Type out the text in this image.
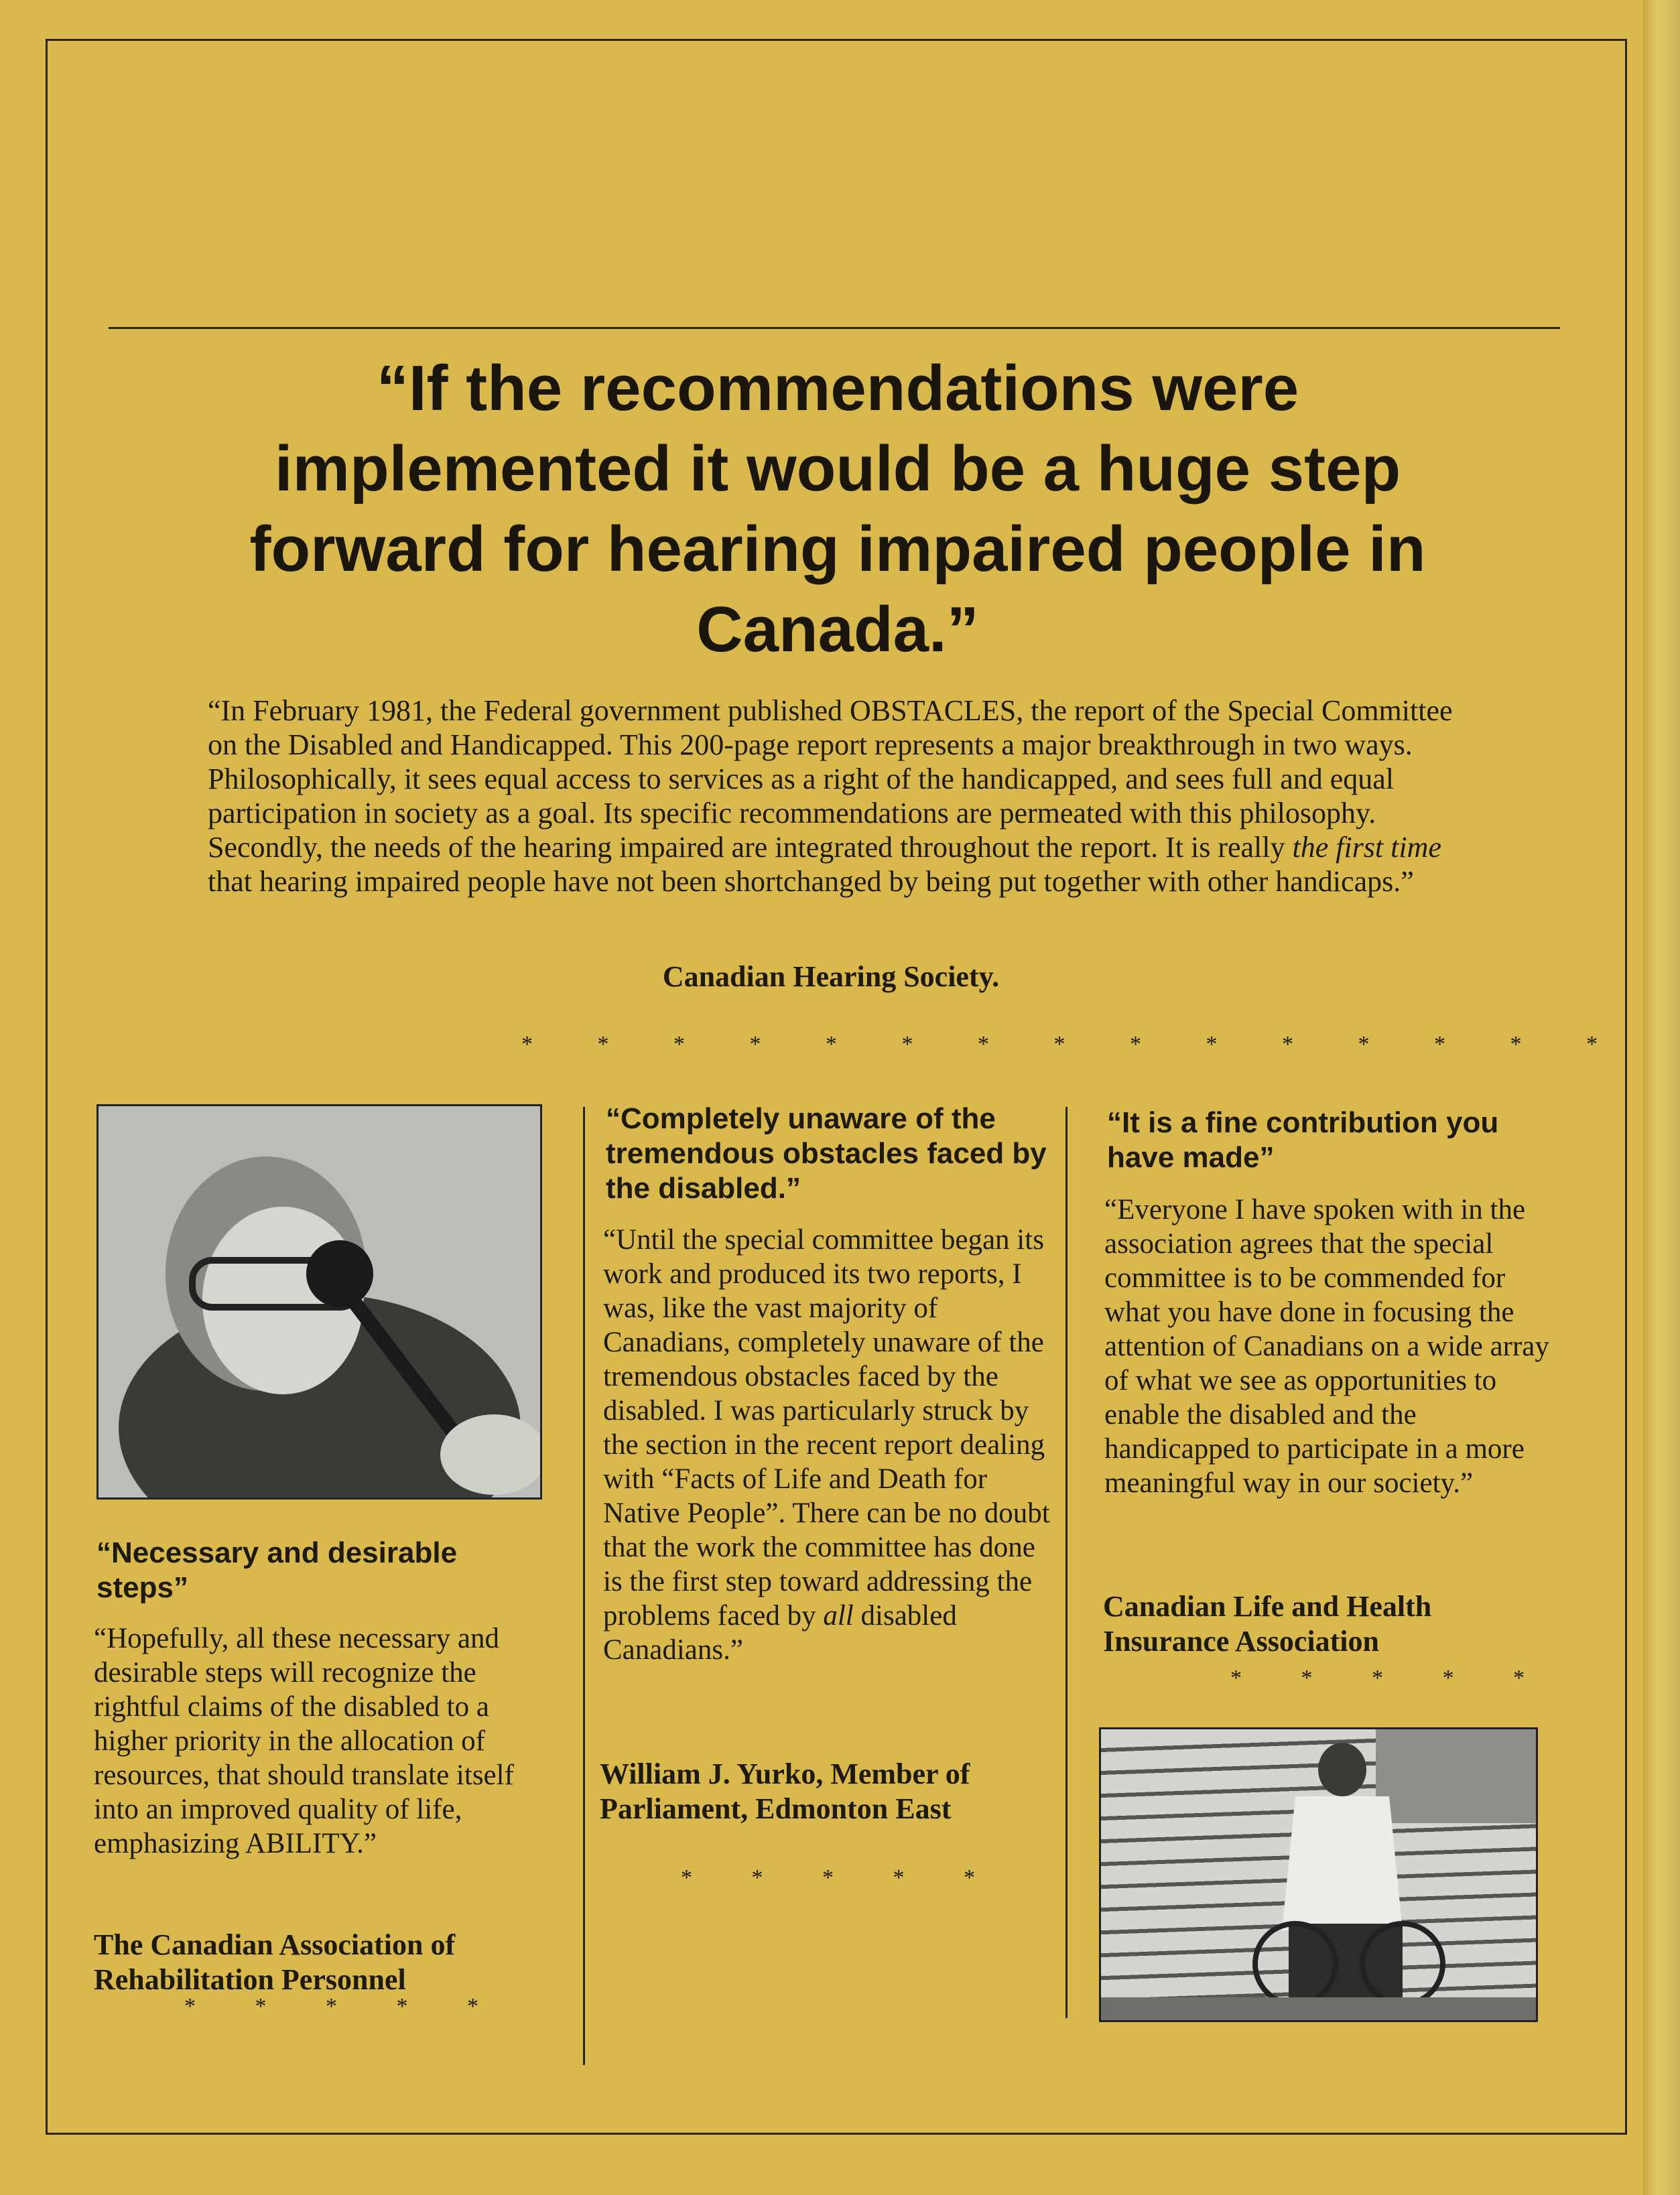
“If the recommendations were implemented it would be a huge step forward for hearing impaired people in Canada.”
“In February 1981, the Federal government published OBSTACLES, the report of the Special Committee on the Disabled and Handicapped. This 200-page report represents a major breakthrough in two ways. Philosophically, it sees equal access to services as a right of the handicapped, and sees full and equal participation in society as a goal. Its specific recommendations are permeated with this philosophy. Secondly, the needs of the hearing impaired are integrated throughout the report. It is really the first time that hearing impaired people have not been shortchanged by being put together with other handicaps.”
Canadian Hearing Society.
* * * * * * * * * * * * * * *
“Necessary and desirable steps”
“Hopefully, all these necessary and desirable steps will recognize the rightful claims of the disabled to a higher priority in the allocation of resources, that should translate itself into an improved quality of life, emphasizing ABILITY.”
The Canadian Association of Rehabilitation Personnel
* * * * *
“Completely unaware of the tremendous obstacles faced by the disabled.”
“Until the special committee began its work and produced its two reports, I was, like the vast majority of Canadians, completely unaware of the tremendous obstacles faced by the disabled. I was particularly struck by the section in the recent report dealing with “Facts of Life and Death for Native People”. There can be no doubt that the work the committee has done is the first step toward addressing the problems faced by all disabled Canadians.”
William J. Yurko, Member of Parliament, Edmonton East
* * * * *
“It is a fine contribution you have made”
“Everyone I have spoken with in the association agrees that the special committee is to be commended for what you have done in focusing the attention of Canadians on a wide array of what we see as opportunities to enable the disabled and the handicapped to participate in a more meaningful way in our society.”
Canadian Life and Health Insurance Association
* * * * *
